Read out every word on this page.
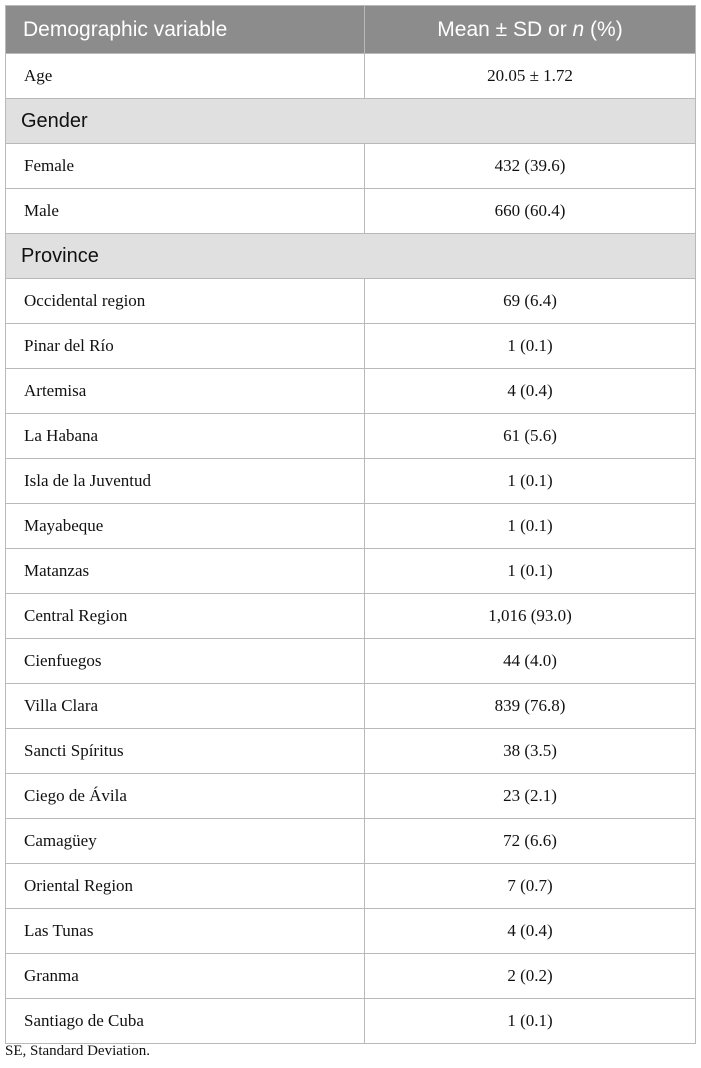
Demographic variable	Mean ± SD or n (%)
Age	20.05 ± 1.72
Gender	
Female	432 (39.6)
Male	660 (60.4)
Province	
Occidental region	69 (6.4)
Pinar del Río	1 (0.1)
Artemisa	4 (0.4)
La Habana	61 (5.6)
Isla de la Juventud	1 (0.1)
Mayabeque	1 (0.1)
Matanzas	1 (0.1)
Central Region	1,016 (93.0)
Cienfuegos	44 (4.0)
Villa Clara	839 (76.8)
Sancti Spíritus	38 (3.5)
Ciego de Ávila	23 (2.1)
Camagüey	72 (6.6)
Oriental Region	7 (0.7)
Las Tunas	4 (0.4)
Granma	2 (0.2)
Santiago de Cuba	1 (0.1)
SE, Standard Deviation.
